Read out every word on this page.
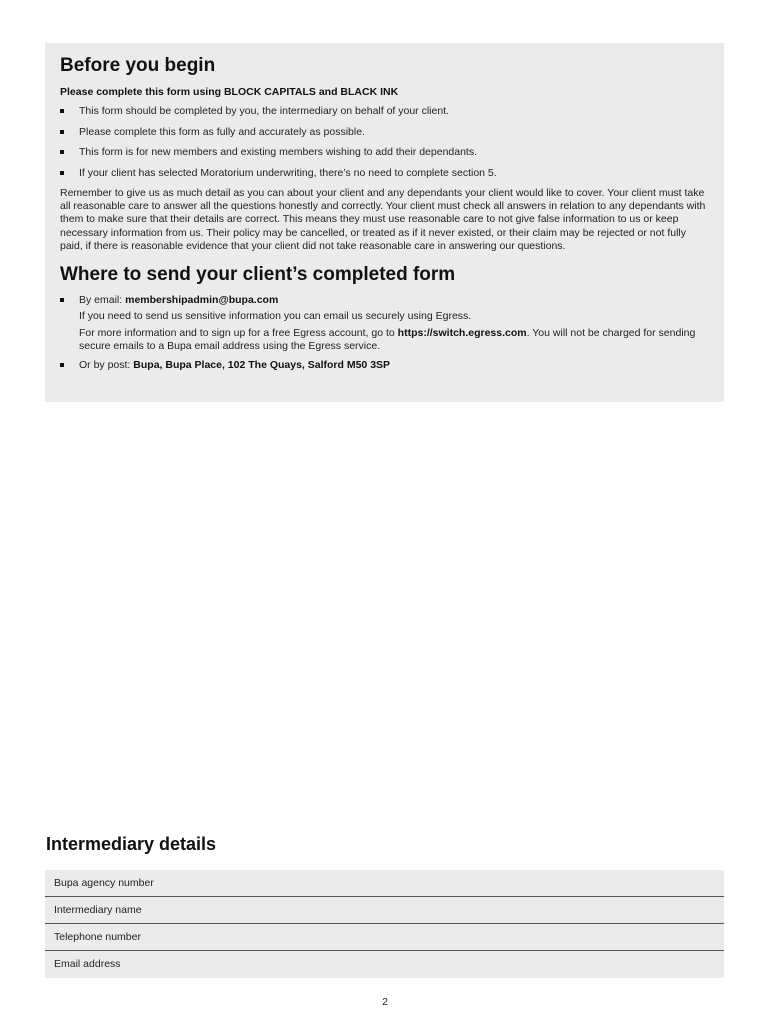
Before you begin
Please complete this form using BLOCK CAPITALS and BLACK INK
This form should be completed by you, the intermediary on behalf of your client.
Please complete this form as fully and accurately as possible.
This form is for new members and existing members wishing to add their dependants.
If your client has selected Moratorium underwriting, there’s no need to complete section 5.

Remember to give us as much detail as you can about your client and any dependants your client would like to cover. Your client must take all reasonable care to answer all the questions honestly and correctly. Your client must check all answers in relation to any dependants with them to make sure that their details are correct. This means they must use reasonable care to not give false information to us or keep necessary information from us. Their policy may be cancelled, or treated as if it never existed, or their claim may be rejected or not fully paid, if there is reasonable evidence that your client did not take reasonable care in answering our questions.

Where to send your client’s completed form
By email: membershipadmin@bupa.com
If you need to send us sensitive information you can email us securely using Egress.
For more information and to sign up for a free Egress account, go to https://switch.egress.com. You will not be charged for sending secure emails to a Bupa email address using the Egress service.
Or by post: Bupa, Bupa Place, 102 The Quays, Salford M50 3SP
Intermediary details
Bupa agency number
Intermediary name
Telephone number
Email address
2
